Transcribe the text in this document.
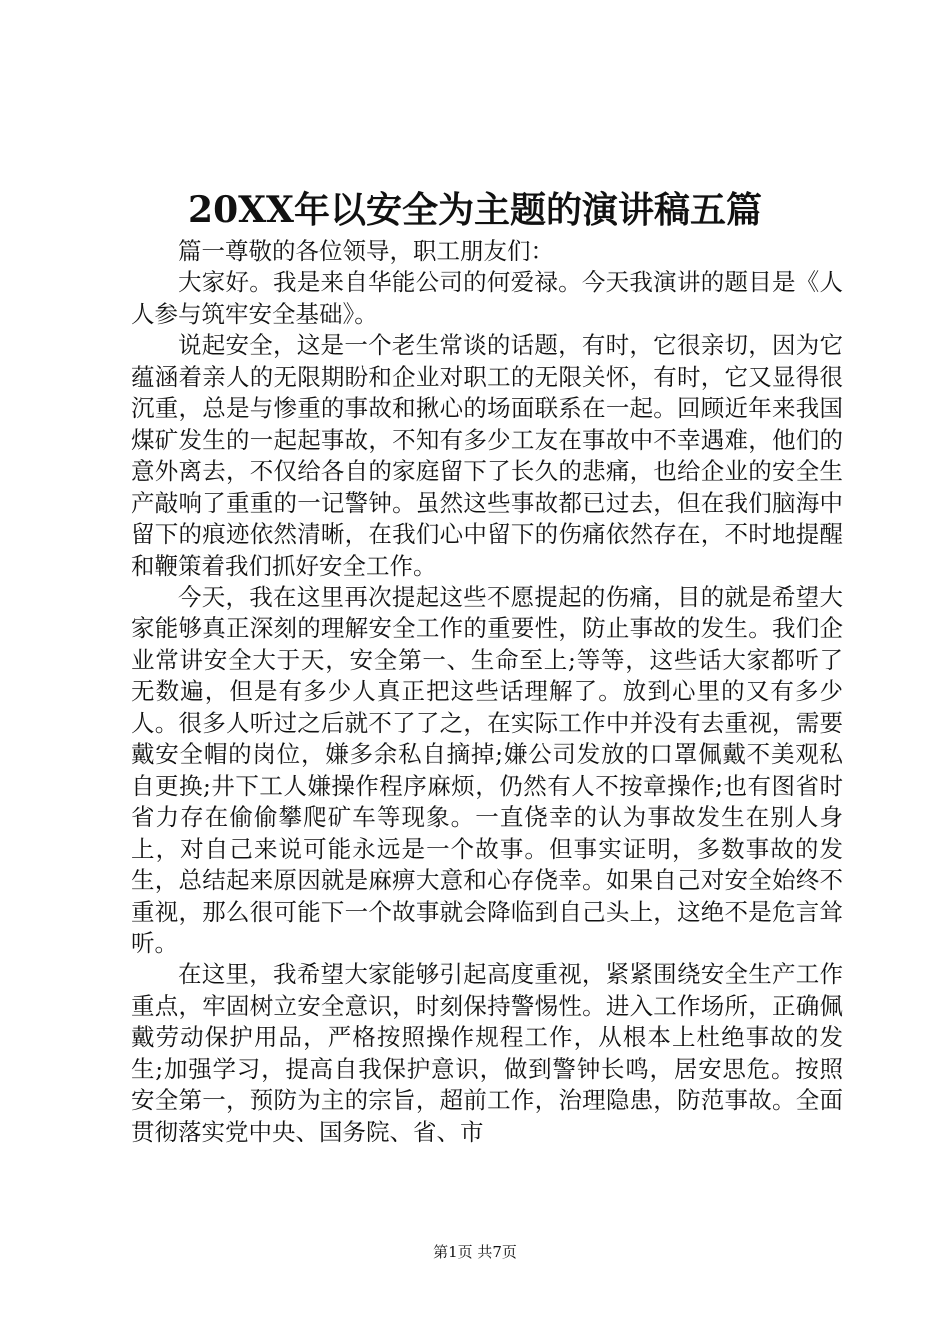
20XX年以安全为主题的演讲稿五篇

篇一尊敬的各位领导，职工朋友们：

大家好。我是来自华能公司的何爱禄。今天我演讲的题目是《人人参与筑牢安全基础》。

说起安全，这是一个老生常谈的话题，有时，它很亲切，因为它蕴涵着亲人的无限期盼和企业对职工的无限关怀，有时，它又显得很沉重，总是与惨重的事故和揪心的场面联系在一起。回顾近年来我国煤矿发生的一起起事故，不知有多少工友在事故中不幸遇难，他们的意外离去，不仅给各自的家庭留下了长久的悲痛，也给企业的安全生产敲响了重重的一记警钟。虽然这些事故都已过去，但在我们脑海中留下的痕迹依然清晰，在我们心中留下的伤痛依然存在，不时地提醒和鞭策着我们抓好安全工作。

今天，我在这里再次提起这些不愿提起的伤痛，目的就是希望大家能够真正深刻的理解安全工作的重要性，防止事故的发生。我们企业常讲安全大于天，安全第一、生命至上;等等，这些话大家都听了无数遍，但是有多少人真正把这些话理解了。放到心里的又有多少人。很多人听过之后就不了了之，在实际工作中并没有去重视，需要戴安全帽的岗位，嫌多余私自摘掉;嫌公司发放的口罩佩戴不美观私自更换;井下工人嫌操作程序麻烦，仍然有人不按章操作;也有图省时省力存在偷偷攀爬矿车等现象。一直侥幸的认为事故发生在别人身上，对自己来说可能永远是一个故事。但事实证明，多数事故的发生，总结起来原因就是麻痹大意和心存侥幸。如果自己对安全始终不重视，那么很可能下一个故事就会降临到自己头上，这绝不是危言耸听。

在这里，我希望大家能够引起高度重视，紧紧围绕安全生产工作重点，牢固树立安全意识，时刻保持警惕性。进入工作场所，正确佩戴劳动保护用品，严格按照操作规程工作，从根本上杜绝事故的发生;加强学习，提高自我保护意识，做到警钟长鸣，居安思危。按照安全第一，预防为主的宗旨，超前工作，治理隐患，防范事故。全面贯彻落实党中央、国务院、省、市

第1页 共7页
